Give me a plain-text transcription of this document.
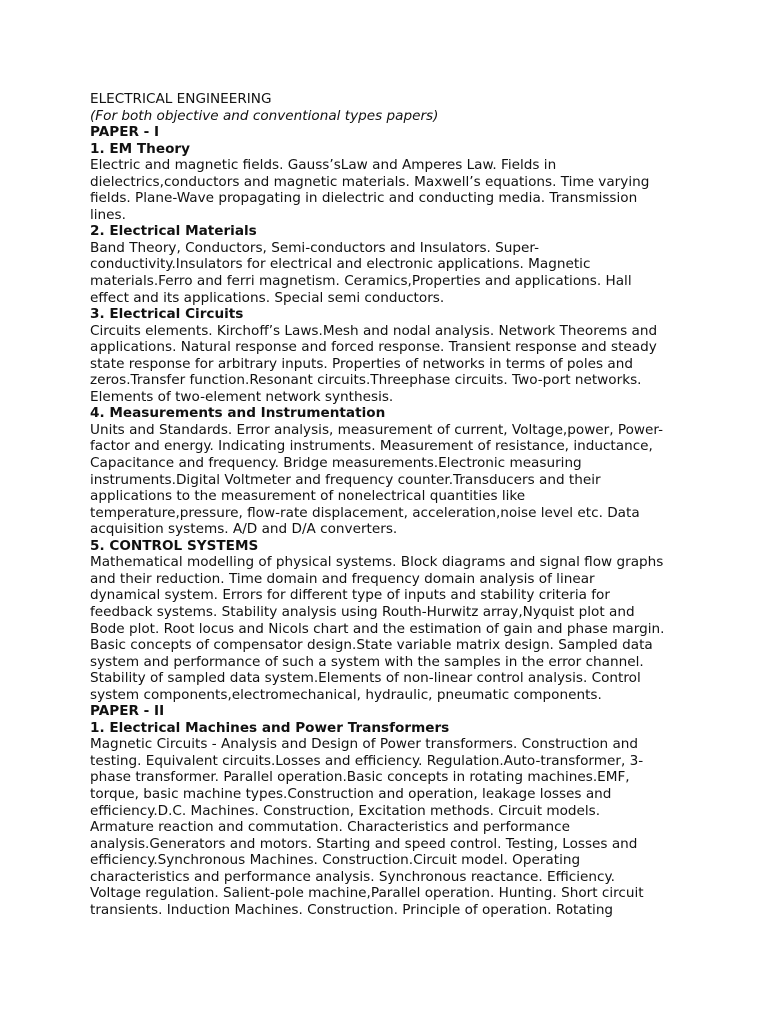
ELECTRICAL ENGINEERING
(For both objective and conventional types papers)
PAPER - I
1. EM Theory
Electric and magnetic fields. Gauss’sLaw and Amperes Law. Fields in
dielectrics,conductors and magnetic materials. Maxwell’s equations. Time varying
fields. Plane-Wave propagating in dielectric and conducting media. Transmission
lines.
2. Electrical Materials
Band Theory, Conductors, Semi-conductors and Insulators. Super-
conductivity.Insulators for electrical and electronic applications. Magnetic
materials.Ferro and ferri magnetism. Ceramics,Properties and applications. Hall
effect and its applications. Special semi conductors.
3. Electrical Circuits
Circuits elements. Kirchoff’s Laws.Mesh and nodal analysis. Network Theorems and
applications. Natural response and forced response. Transient response and steady
state response for arbitrary inputs. Properties of networks in terms of poles and
zeros.Transfer function.Resonant circuits.Threephase circuits. Two-port networks.
Elements of two-element network synthesis.
4. Measurements and Instrumentation
Units and Standards. Error analysis, measurement of current, Voltage,power, Power-
factor and energy. Indicating instruments. Measurement of resistance, inductance,
Capacitance and frequency. Bridge measurements.Electronic measuring
instruments.Digital Voltmeter and frequency counter.Transducers and their
applications to the measurement of nonelectrical quantities like
temperature,pressure, flow-rate displacement, acceleration,noise level etc. Data
acquisition systems. A/D and D/A converters.
5. CONTROL SYSTEMS
Mathematical modelling of physical systems. Block diagrams and signal flow graphs
and their reduction. Time domain and frequency domain analysis of linear
dynamical system. Errors for different type of inputs and stability criteria for
feedback systems. Stability analysis using Routh-Hurwitz array,Nyquist plot and
Bode plot. Root locus and Nicols chart and the estimation of gain and phase margin.
Basic concepts of compensator design.State variable matrix design. Sampled data
system and performance of such a system with the samples in the error channel.
Stability of sampled data system.Elements of non-linear control analysis. Control
system components,electromechanical, hydraulic, pneumatic components.
PAPER - II
1. Electrical Machines and Power Transformers
Magnetic Circuits - Analysis and Design of Power transformers. Construction and
testing. Equivalent circuits.Losses and efficiency. Regulation.Auto-transformer, 3-
phase transformer. Parallel operation.Basic concepts in rotating machines.EMF,
torque, basic machine types.Construction and operation, leakage losses and
efficiency.D.C. Machines. Construction, Excitation methods. Circuit models.
Armature reaction and commutation. Characteristics and performance
analysis.Generators and motors. Starting and speed control. Testing, Losses and
efficiency.Synchronous Machines. Construction.Circuit model. Operating
characteristics and performance analysis. Synchronous reactance. Efficiency.
Voltage regulation. Salient-pole machine,Parallel operation. Hunting. Short circuit
transients. Induction Machines. Construction. Principle of operation. Rotating
